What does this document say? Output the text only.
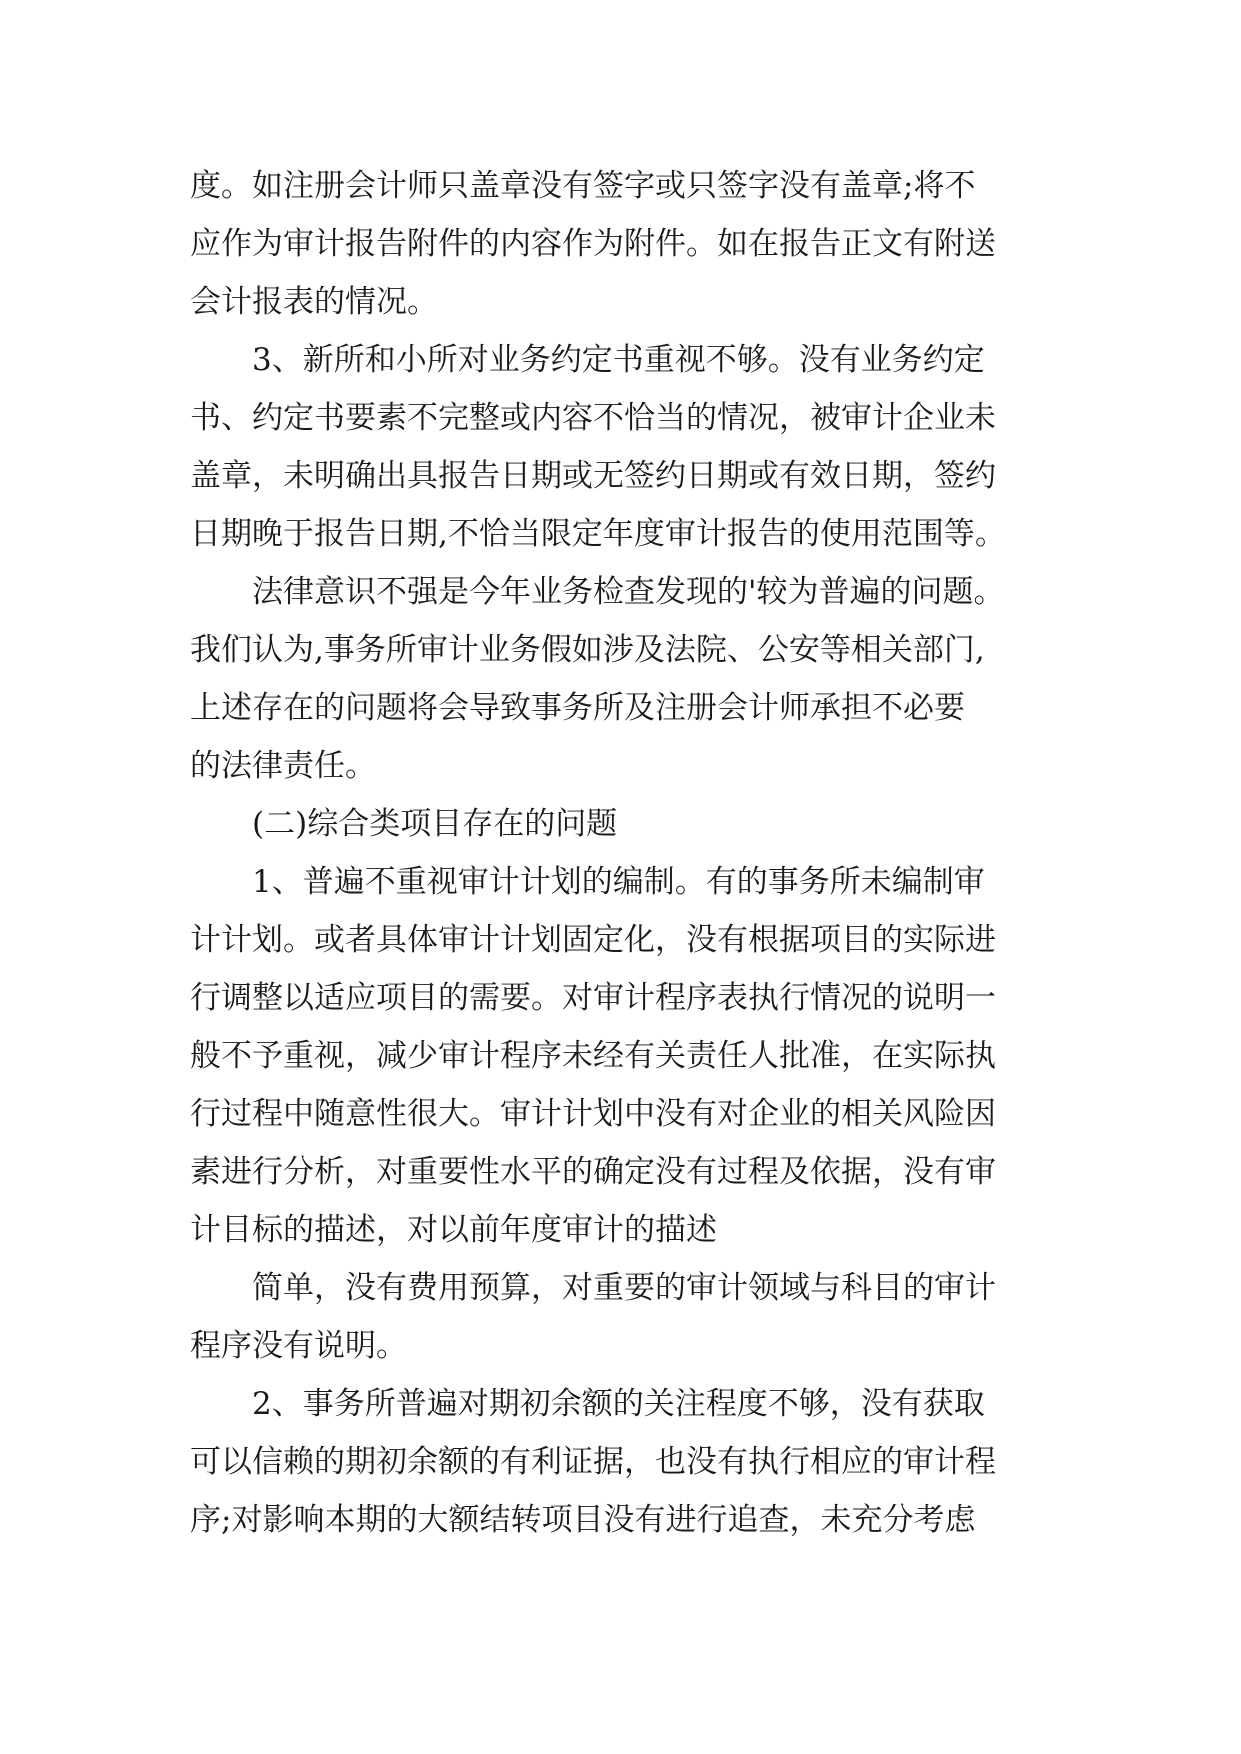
度。如注册会计师只盖章没有签字或只签字没有盖章;将不
应作为审计报告附件的内容作为附件。如在报告正文有附送
会计报表的情况。
3、新所和小所对业务约定书重视不够。没有业务约定
书、约定书要素不完整或内容不恰当的情况，被审计企业未
盖章，未明确出具报告日期或无签约日期或有效日期，签约
日期晚于报告日期,不恰当限定年度审计报告的使用范围等。
法律意识不强是今年业务检查发现的'较为普遍的问题。
我们认为,事务所审计业务假如涉及法院、公安等相关部门,
上述存在的问题将会导致事务所及注册会计师承担不必要
的法律责任。
(二)综合类项目存在的问题
1、普遍不重视审计计划的编制。有的事务所未编制审
计计划。或者具体审计计划固定化，没有根据项目的实际进
行调整以适应项目的需要。对审计程序表执行情况的说明一
般不予重视，减少审计程序未经有关责任人批准，在实际执
行过程中随意性很大。审计计划中没有对企业的相关风险因
素进行分析，对重要性水平的确定没有过程及依据，没有审
计目标的描述，对以前年度审计的描述
简单，没有费用预算，对重要的审计领域与科目的审计
程序没有说明。
2、事务所普遍对期初余额的关注程度不够，没有获取
可以信赖的期初余额的有利证据，也没有执行相应的审计程
序;对影响本期的大额结转项目没有进行追查，未充分考虑
